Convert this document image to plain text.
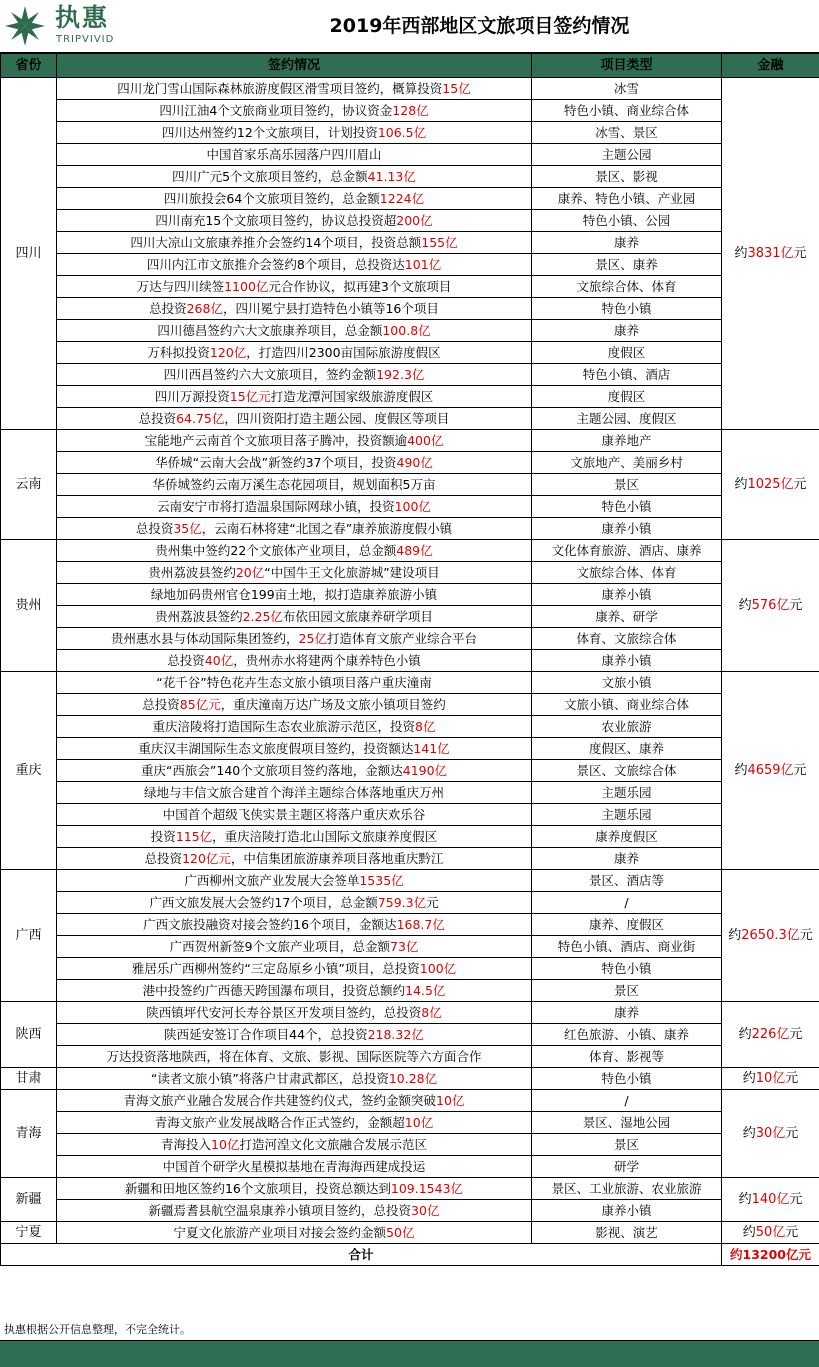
执惠
TRIPVIVID
2019年西部地区文旅项目签约情况
省份	签约情况	项目类型	金融
四川	四川龙门雪山国际森林旅游度假区滑雪项目签约，概算投资15亿	冰雪	约3831亿元
	四川江油4个文旅商业项目签约，协议资金128亿	特色小镇、商业综合体	
	四川达州签约12个文旅项目，计划投资106.5亿	冰雪、景区	
	中国首家乐高乐园落户四川眉山	主题公园	
	四川广元5个文旅项目签约，总金额41.13亿	景区、影视	
	四川旅投会64个文旅项目签约，总金额1224亿	康养、特色小镇、产业园	
	四川南充15个文旅项目签约，协议总投资超200亿	特色小镇、公园	
	四川大凉山文旅康养推介会签约14个项目，投资总额155亿	康养	
	四川内江市文旅推介会签约8个项目，总投资达101亿	景区、康养	
	万达与四川续签1100亿元合作协议，拟再建3个文旅项目	文旅综合体、体育	
	总投资268亿，四川冕宁县打造特色小镇等16个项目	特色小镇	
	四川德昌签约六大文旅康养项目，总金额100.8亿	康养	
	万科拟投资120亿，打造四川2300亩国际旅游度假区	度假区	
	四川西昌签约六大文旅项目，签约金额192.3亿	特色小镇、酒店	
	四川万源投资15亿元打造龙潭河国家级旅游度假区	度假区	
	总投资64.75亿，四川资阳打造主题公园、度假区等项目	主题公园、度假区	
云南	宝能地产云南首个文旅项目落子腾冲，投资额逾400亿	康养地产	约1025亿元
	华侨城“云南大会战”新签约37个项目，投资490亿	文旅地产、美丽乡村	
	华侨城签约云南万溪生态花园项目，规划面积5万亩	景区	
	云南安宁市将打造温泉国际网球小镇，投资100亿	特色小镇	
	总投资35亿，云南石林将建“北国之春”康养旅游度假小镇	康养小镇	
贵州	贵州集中签约22个文旅体产业项目，总金额489亿	文化体育旅游、酒店、康养	约576亿元
	贵州荔波县签约20亿“中国牛王文化旅游城”建设项目	文旅综合体、体育	
	绿地加码贵州官仓199亩土地，拟打造康养旅游小镇	康养小镇	
	贵州荔波县签约2.25亿布依田园文旅康养研学项目	康养、研学	
	贵州惠水县与体动国际集团签约，25亿打造体育文旅产业综合平台	体育、文旅综合体	
	总投资40亿，贵州赤水将建两个康养特色小镇	康养小镇	
重庆	“花千谷”特色花卉生态文旅小镇项目落户重庆潼南	文旅小镇	约4659亿元
	总投资85亿元，重庆潼南万达广场及文旅小镇项目签约	文旅小镇、商业综合体	
	重庆涪陵将打造国际生态农业旅游示范区，投资8亿	农业旅游	
	重庆汉丰湖国际生态文旅度假项目签约，投资额达141亿	度假区、康养	
	重庆“西旅会”140个文旅项目签约落地，金额达4190亿	景区、文旅综合体	
	绿地与丰信文旅合建首个海洋主题综合体落地重庆万州	主题乐园	
	中国首个超级飞侠实景主题区将落户重庆欢乐谷	主题乐园	
	投资115亿，重庆涪陵打造北山国际文旅康养度假区	康养度假区	
	总投资120亿元，中信集团旅游康养项目落地重庆黔江	康养	
广西	广西柳州文旅产业发展大会签单1535亿	景区、酒店等	约2650.3亿元
	广西文旅发展大会签约17个项目，总金额759.3亿元	/	
	广西文旅投融资对接会签约16个项目，金额达168.7亿	康养、度假区	
	广西贺州新签9个文旅产业项目，总金额73亿	特色小镇、酒店、商业街	
	雅居乐广西柳州签约“三定岛原乡小镇”项目，总投资100亿	特色小镇	
	港中投签约广西德天跨国瀑布项目，投资总额约14.5亿	景区	
陕西	陕西镇坪代安河长寿谷景区开发项目签约，总投资8亿	康养	约226亿元
	陕西延安签订合作项目44个，总投资218.32亿	红色旅游、小镇、康养	
	万达投资落地陕西，将在体育、文旅、影视、国际医院等六方面合作	体育、影视等	
甘肃	“读者文旅小镇”将落户甘肃武都区，总投资10.28亿	特色小镇	约10亿元
青海	青海文旅产业融合发展合作共建签约仪式，签约金额突破10亿	/	约30亿元
	青海文旅产业发展战略合作正式签约，金额超10亿	景区、湿地公园	
	青海投入10亿打造河湟文化文旅融合发展示范区	景区	
	中国首个研学火星模拟基地在青海海西建成投运	研学	
新疆	新疆和田地区签约16个文旅项目，投资总额达到109.1543亿	景区、工业旅游、农业旅游	约140亿元
	新疆焉耆县航空温泉康养小镇项目签约，总投资30亿	康养小镇	
宁夏	宁夏文化旅游产业项目对接会签约金额50亿	影视、演艺	约50亿元
合计			约13200亿元
执惠根据公开信息整理，不完全统计。
